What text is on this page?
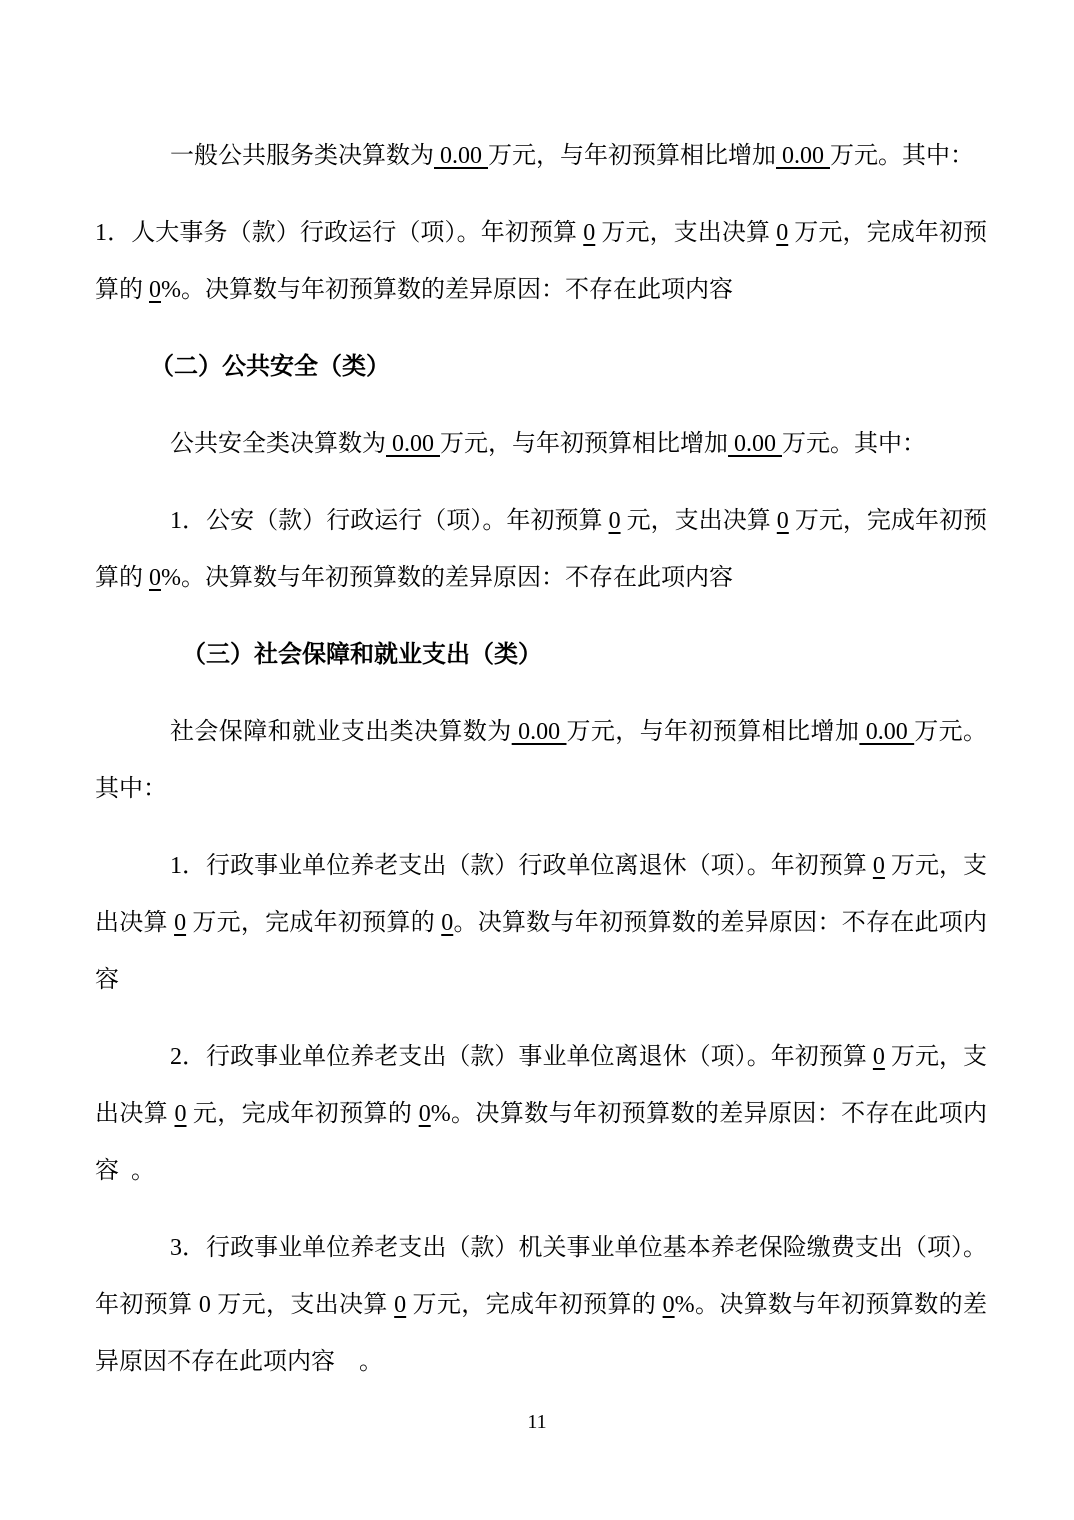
一般公共服务类决算数为 0.00 万元，与年初预算相比增加 0.00 万元。其中：

1．人大事务（款）行政运行（项）。年初预算 0 万元，支出决算 0 万元，完成年初预算的 0%。决算数与年初预算数的差异原因：不存在此项内容

（二）公共安全（类）

公共安全类决算数为 0.00 万元，与年初预算相比增加 0.00 万元。其中：

1．公安（款）行政运行（项）。年初预算 0 元，支出决算 0 万元，完成年初预算的 0%。决算数与年初预算数的差异原因：不存在此项内容

（三）社会保障和就业支出（类）

社会保障和就业支出类决算数为 0.00 万元，与年初预算相比增加 0.00 万元。其中：

1．行政事业单位养老支出（款）行政单位离退休（项）。年初预算 0 万元，支出决算 0 万元，完成年初预算的 0。决算数与年初预算数的差异原因：不存在此项内容

2．行政事业单位养老支出（款）事业单位离退休（项）。年初预算 0 万元，支出决算 0 元，完成年初预算的 0%。决算数与年初预算数的差异原因：不存在此项内容  。

3．行政事业单位养老支出（款）机关事业单位基本养老保险缴费支出（项）。年初预算 0 万元，支出决算 0 万元，完成年初预算的 0%。决算数与年初预算数的差异原因不存在此项内容　。

11
